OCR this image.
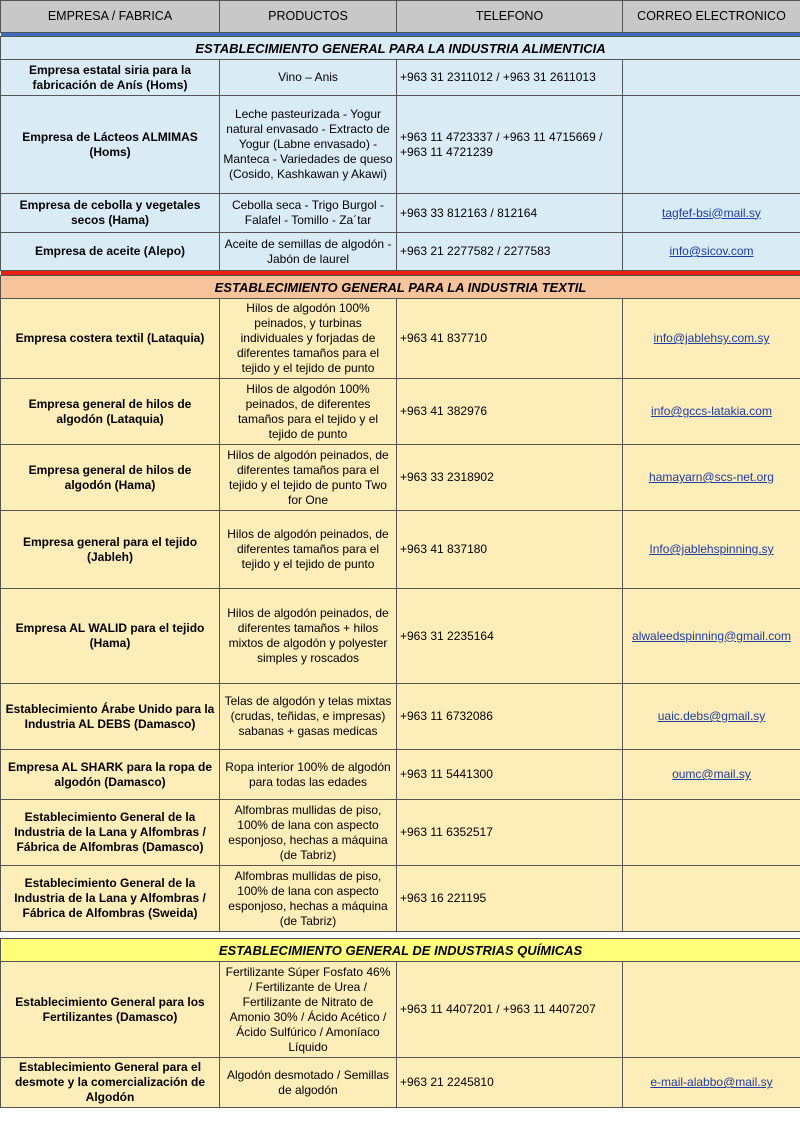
EMPRESA / FABRICA	PRODUCTOS	TELEFONO	CORREO ELECTRONICO

ESTABLECIMIENTO GENERAL PARA LA INDUSTRIA ALIMENTICIA			
Empresa estatal siria para la fabricación de Anís (Homs)	Vino – Anis	+963 31 2311012 / +963 31 2611013	
Empresa de Lácteos ALMIMAS (Homs)	Leche pasteurizada - Yogur natural envasado - Extracto de Yogur (Labne envasado) - Manteca - Variedades de queso (Cosido, Kashkawan y Akawi)	+963 11 4723337 / +963 11 4715669 / +963 11 4721239	
Empresa de cebolla y vegetales secos (Hama)	Cebolla seca - Trigo Burgol - Falafel - Tomillo - Za´tar	+963 33 812163 / 812164	tagfef-bsi@mail.sy
Empresa de aceite (Alepo)	Aceite de semillas de algodón - Jabón de laurel	+963 21 2277582 / 2277583	info@sicov.com

ESTABLECIMIENTO GENERAL PARA LA INDUSTRIA TEXTIL			
Empresa costera textil (Lataquia)	Hilos de algodón 100% peinados, y turbinas individuales y forjadas de diferentes tamaños para el tejido y el tejido de punto	+963 41 837710	info@jablehsy.com.sy
Empresa general de hilos de algodón (Lataquia)	Hilos de algodón 100% peinados, de diferentes tamaños para el tejido y el tejido de punto	+963 41 382976	info@gccs-latakia.com
Empresa general de hilos de algodón (Hama)	Hilos de algodón peinados, de diferentes tamaños para el tejido y el tejido de punto Two for One	+963 33 2318902	hamayarn@scs-net.org
Empresa general para el tejido (Jableh)	Hilos de algodón peinados, de diferentes tamaños para el tejido y el tejido de punto	+963 41 837180	Info@jablehspinning.sy
Empresa AL WALID para el tejido (Hama)	Hilos de algodón peinados, de diferentes tamaños + hilos mixtos de algodón y polyester simples y roscados	+963 31 2235164	alwaleedspinning@gmail.com
Establecimiento Árabe Unido para la Industria AL DEBS (Damasco)	Telas de algodón y telas mixtas (crudas, teñidas, e impresas) sabanas + gasas medicas	+963 11 6732086	uaic.debs@gmail.sy
Empresa AL SHARK para la ropa de algodón (Damasco)	Ropa interior 100% de algodón para todas las edades	+963 11 5441300	oumc@mail.sy
Establecimiento General de la Industria de la Lana y Alfombras / Fábrica de Alfombras (Damasco)	Alfombras mullidas de piso, 100% de lana con aspecto esponjoso, hechas a máquina (de Tabriz)	+963 11 6352517	
Establecimiento General de la Industria de la Lana y Alfombras / Fábrica de Alfombras (Sweida)	Alfombras mullidas de piso, 100% de lana con aspecto esponjoso, hechas a máquina (de Tabriz)	+963 16 221195	

ESTABLECIMIENTO GENERAL DE INDUSTRIAS QUÍMICAS			
Establecimiento General para los Fertilizantes (Damasco)	Fertilizante Súper Fosfato 46% / Fertilizante de Urea / Fertilizante de Nitrato de Amonio 30% / Ácido Acético / Ácido Sulfúrico / Amoníaco Líquido	+963 11 4407201 / +963 11 4407207	
Establecimiento General para el desmote y la comercialización de Algodón	Algodón desmotado / Semillas de algodón	+963 21 2245810	e-mail-alabbo@mail.sy
